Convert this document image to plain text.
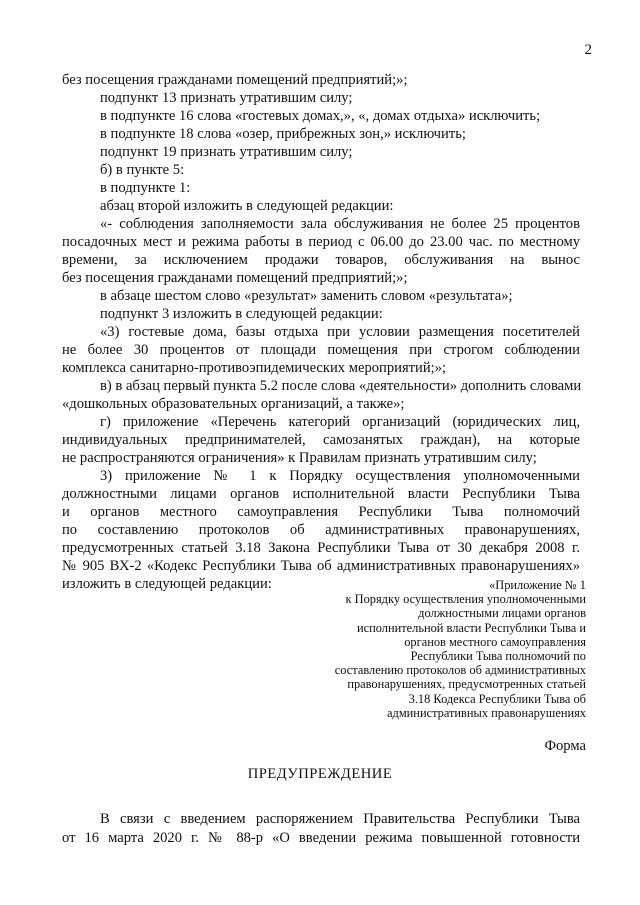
2
без посещения гражданами помещений предприятий;»;
подпункт 13 признать утратившим силу;
в подпункте 16 слова «гостевых домах,», «, домах отдыха» исключить;
в подпункте 18 слова «озер, прибрежных зон,» исключить;
подпункт 19 признать утратившим силу;
б) в пункте 5:
в подпункте 1:
абзац второй изложить в следующей редакции:
«- соблюдения заполняемости зала обслуживания не более 25 процентов
посадочных мест и режима работы в период с 06.00 до 23.00 час. по местному
времени, за исключением продажи товаров, обслуживания на вынос
без посещения гражданами помещений предприятий;»;
в абзаце шестом слово «результат» заменить словом «результата»;
подпункт 3 изложить в следующей редакции:
«3) гостевые дома, базы отдыха при условии размещения посетителей
не более 30 процентов от площади помещения при строгом соблюдении
комплекса санитарно-противоэпидемических мероприятий;»;
в) в абзац первый пункта 5.2 после слова «деятельности» дополнить словами
«дошкольных образовательных организаций, а также»;
г) приложение «Перечень категорий организаций (юридических лиц,
индивидуальных предпринимателей, самозанятых граждан), на которые
не распространяются ограничения» к Правилам признать утратившим силу;
3) приложение № 1 к Порядку осуществления уполномоченными
должностными лицами органов исполнительной власти Республики Тыва
и органов местного самоуправления Республики Тыва полномочий
по составлению протоколов об административных правонарушениях,
предусмотренных статьей 3.18 Закона Республики Тыва от 30 декабря 2008 г.
№ 905 ВХ-2 «Кодекс Республики Тыва об административных правонарушениях»
изложить в следующей редакции:	«Приложение № 1
к Порядку осуществления уполномоченными
должностными лицами органов
исполнительной власти Республики Тыва и
органов местного самоуправления
Республики Тыва полномочий по
составлению протоколов об административных
правонарушениях, предусмотренных статьей
3.18 Кодекса Республики Тыва об
административных правонарушениях
Форма
ПРЕДУПРЕЖДЕНИЕ
В связи с введением распоряжением Правительства Республики Тыва
от 16 марта 2020 г. № 88-р «О введении режима повышенной готовности
